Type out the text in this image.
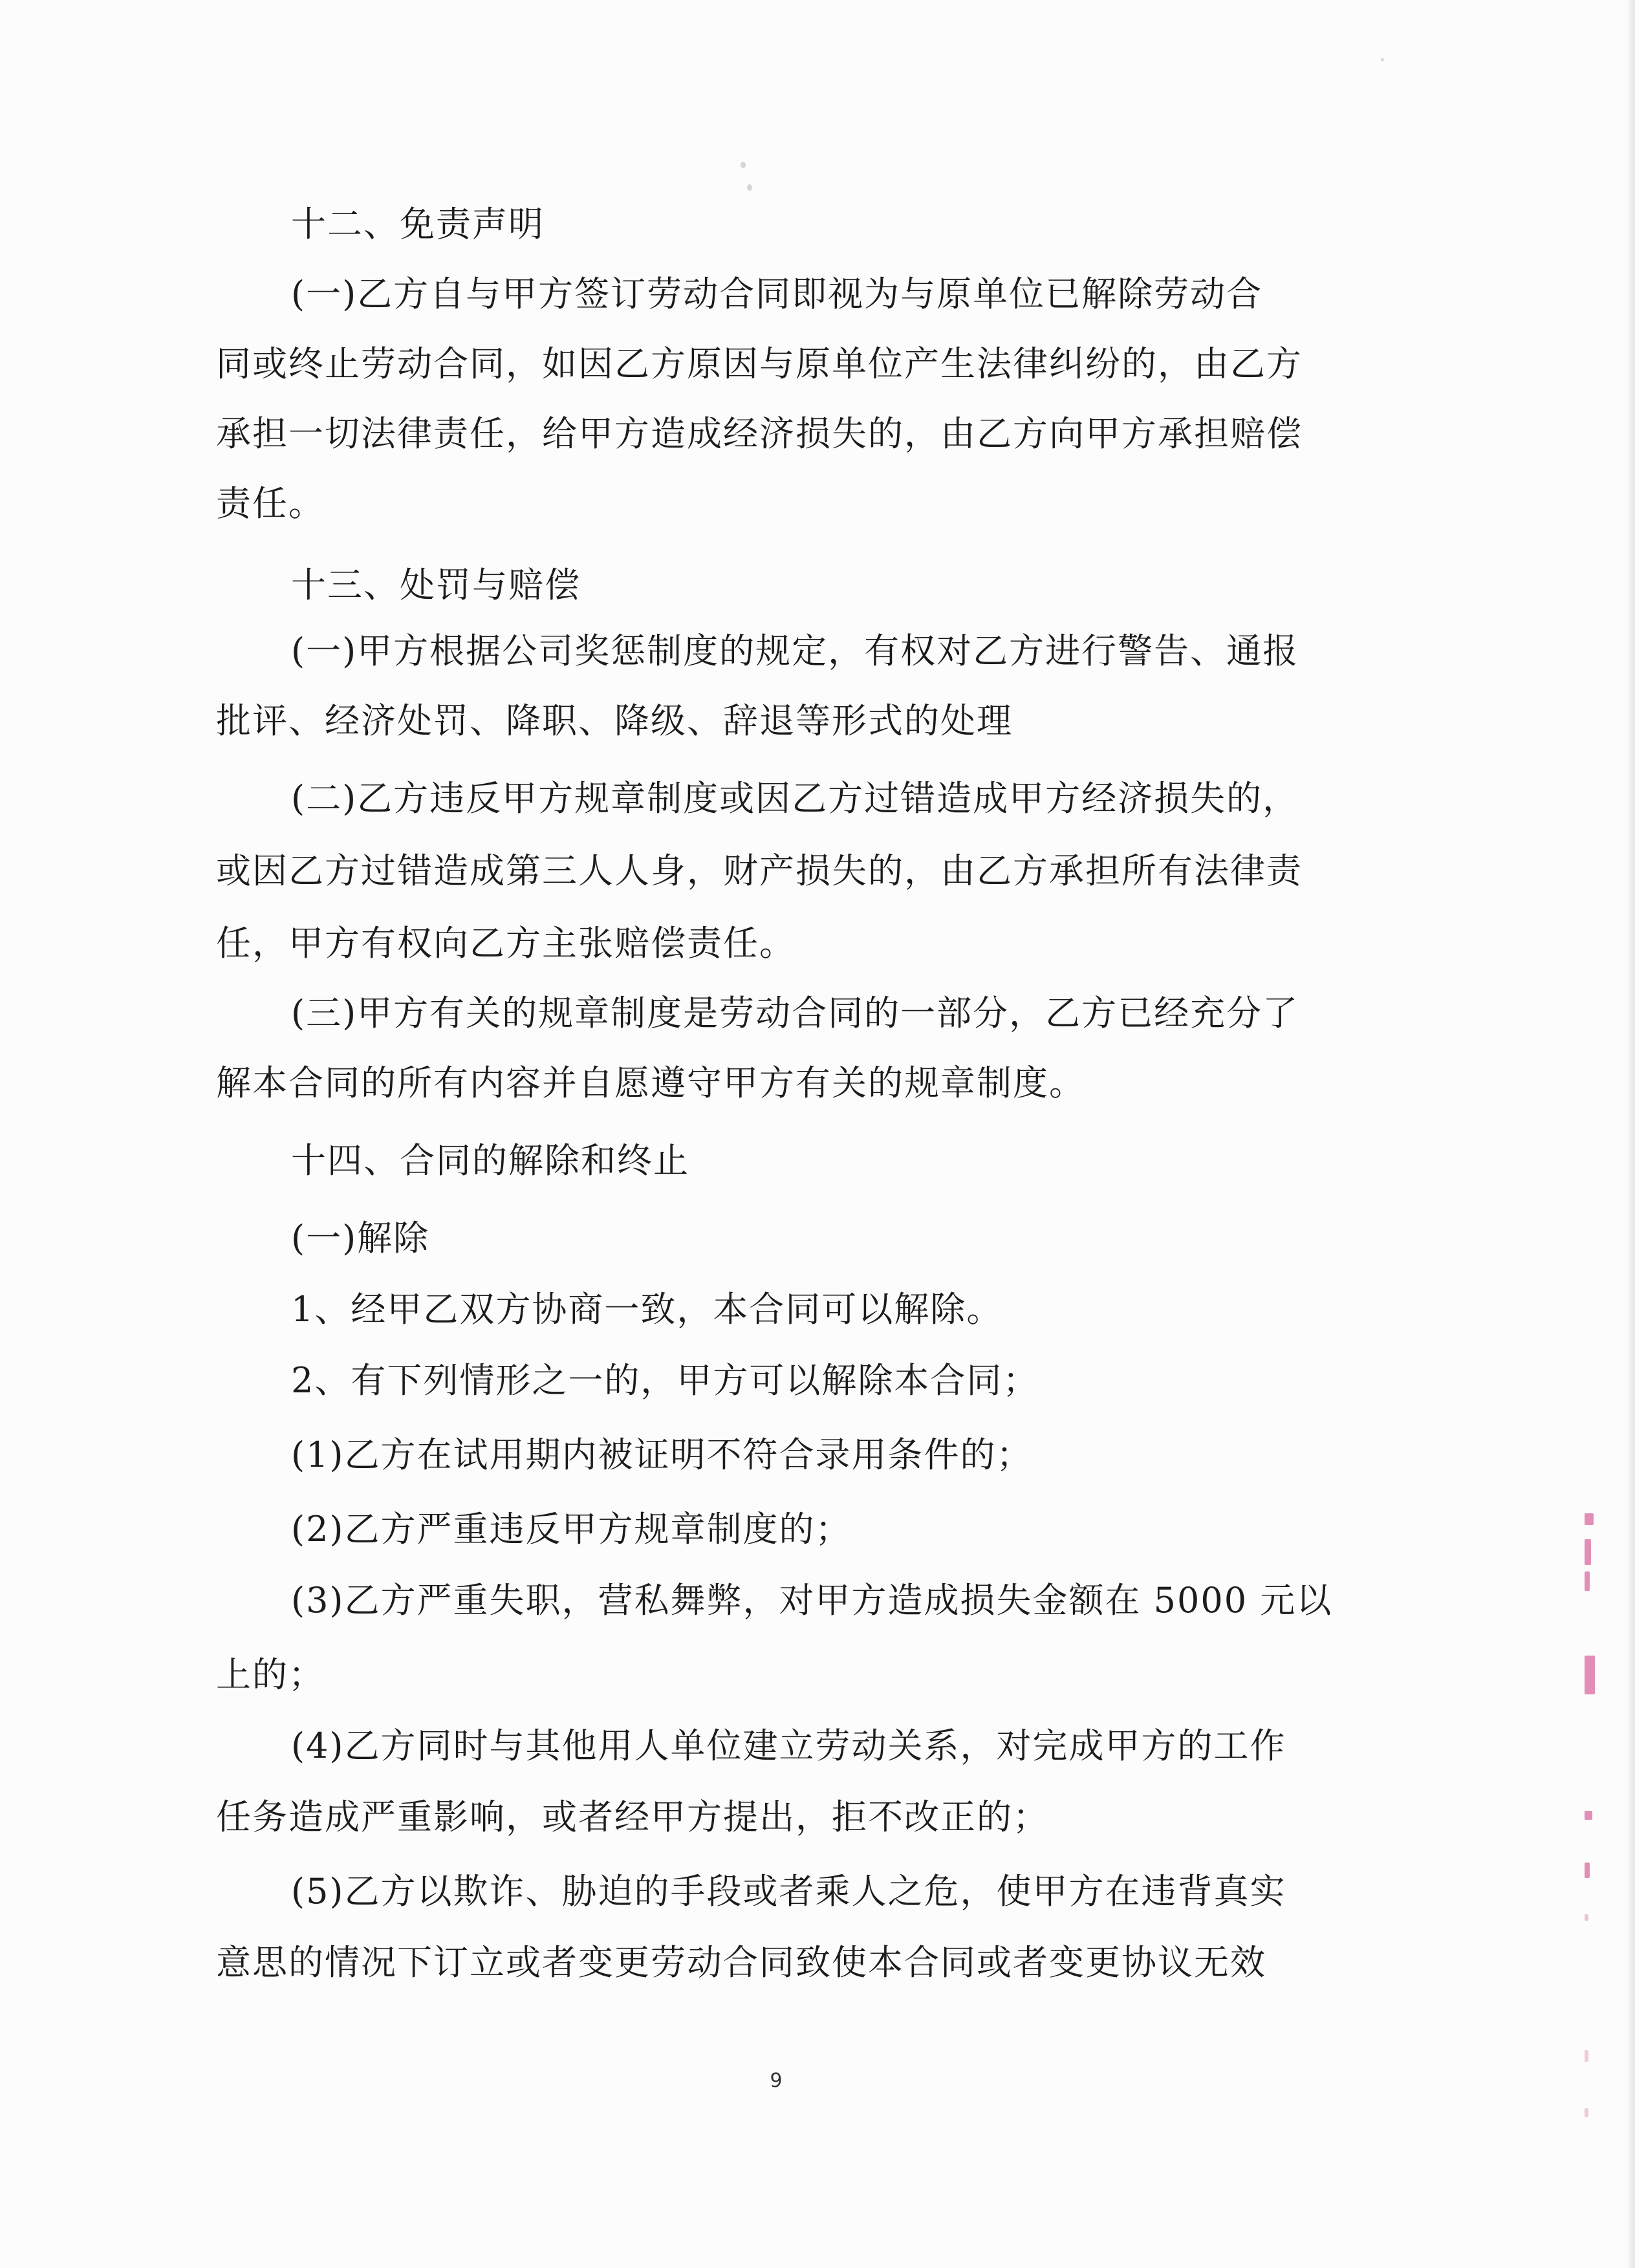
十二、免责声明

(一)乙方自与甲方签订劳动合同即视为与原单位已解除劳动合

同或终止劳动合同，如因乙方原因与原单位产生法律纠纷的，由乙方

承担一切法律责任，给甲方造成经济损失的，由乙方向甲方承担赔偿

责任。

十三、处罚与赔偿

(一)甲方根据公司奖惩制度的规定，有权对乙方进行警告、通报

批评、经济处罚、降职、降级、辞退等形式的处理

(二)乙方违反甲方规章制度或因乙方过错造成甲方经济损失的，

或因乙方过错造成第三人人身，财产损失的，由乙方承担所有法律责

任，甲方有权向乙方主张赔偿责任。

(三)甲方有关的规章制度是劳动合同的一部分，乙方已经充分了

解本合同的所有内容并自愿遵守甲方有关的规章制度。

十四、合同的解除和终止

(一)解除

1、经甲乙双方协商一致，本合同可以解除。

2、有下列情形之一的，甲方可以解除本合同；

(1)乙方在试用期内被证明不符合录用条件的；

(2)乙方严重违反甲方规章制度的；

(3)乙方严重失职，营私舞弊，对甲方造成损失金额在 5000 元以

上的；

(4)乙方同时与其他用人单位建立劳动关系，对完成甲方的工作

任务造成严重影响，或者经甲方提出，拒不改正的；

(5)乙方以欺诈、胁迫的手段或者乘人之危，使甲方在违背真实

意思的情况下订立或者变更劳动合同致使本合同或者变更协议无效

9
